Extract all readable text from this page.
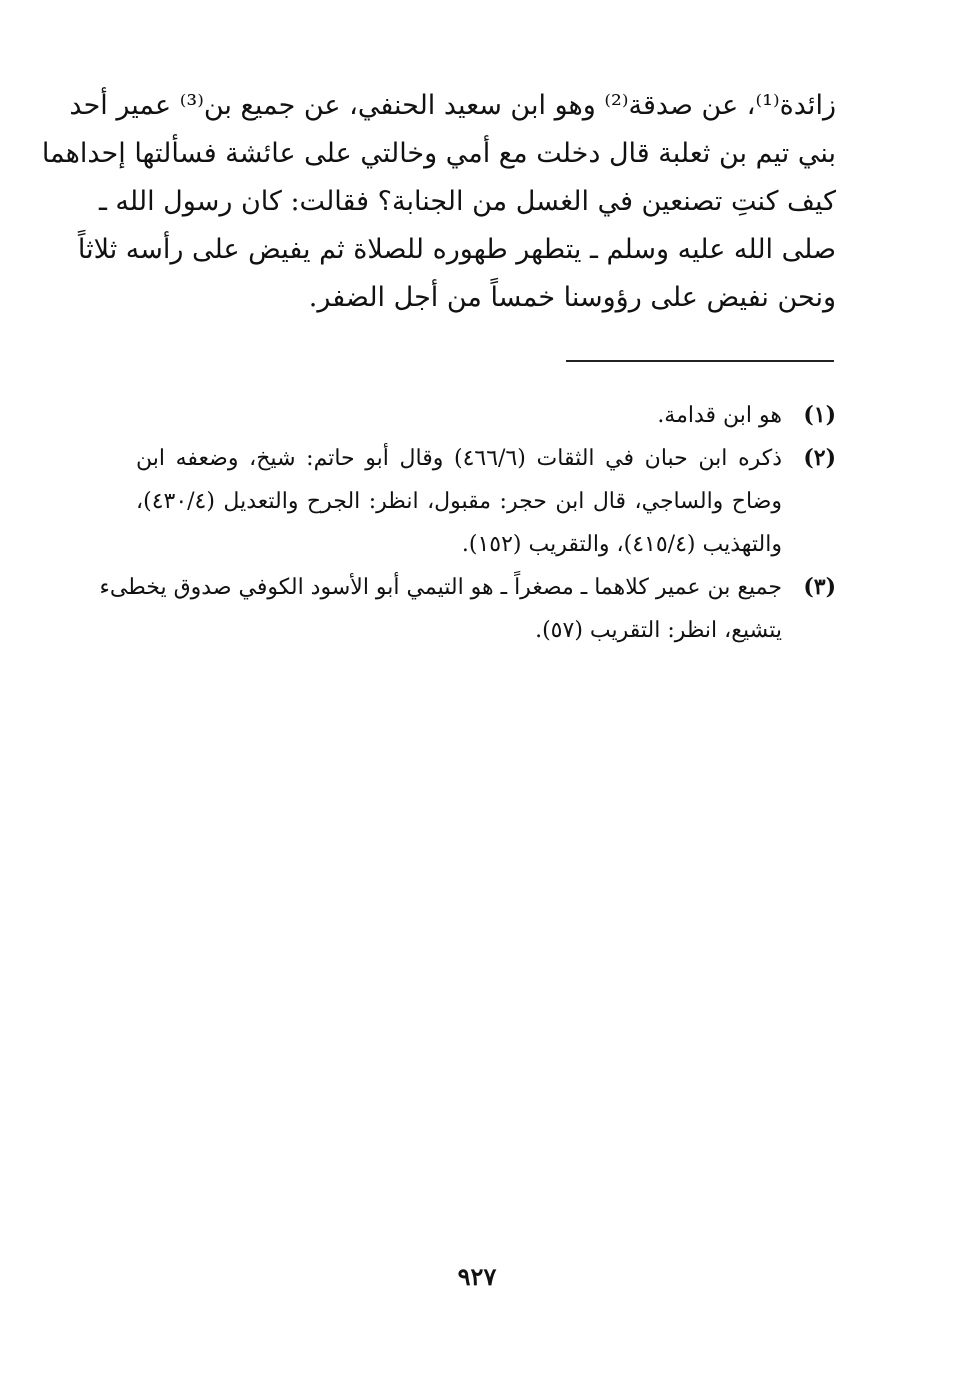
زائدة⁽¹⁾، عن صدقة⁽²⁾ وهو ابن سعيد الحنفي، عن جميع بن⁽³⁾ عمير أحد
بني تيم بن ثعلبة قال دخلت مع أمي وخالتي على عائشة فسألتها إحداهما
كيف كنتِ تصنعين في الغسل من الجنابة؟ فقالت: كان رسول الله ـ
صلى الله عليه وسلم ـ يتطهر طهوره للصلاة ثم يفيض على رأسه ثلاثاً
ونحن نفيض على رؤوسنا خمساً من أجل الضفر.
(١)
هو ابن قدامة.
(٢)
ذكره ابن حبان في الثقات (٤٦٦/٦) وقال أبو حاتم: شيخ، وضعفه ابن
وضاح والساجي، قال ابن حجر: مقبول، انظر: الجرح والتعديل (٤٣٠/٤)،
والتهذيب (٤١٥/٤)، والتقريب (١٥٢).
(٣)
جميع بن عمير كلاهما ـ مصغراً ـ هو التيمي أبو الأسود الكوفي صدوق يخطىء
يتشيع، انظر: التقريب (٥٧).
٩٢٧
